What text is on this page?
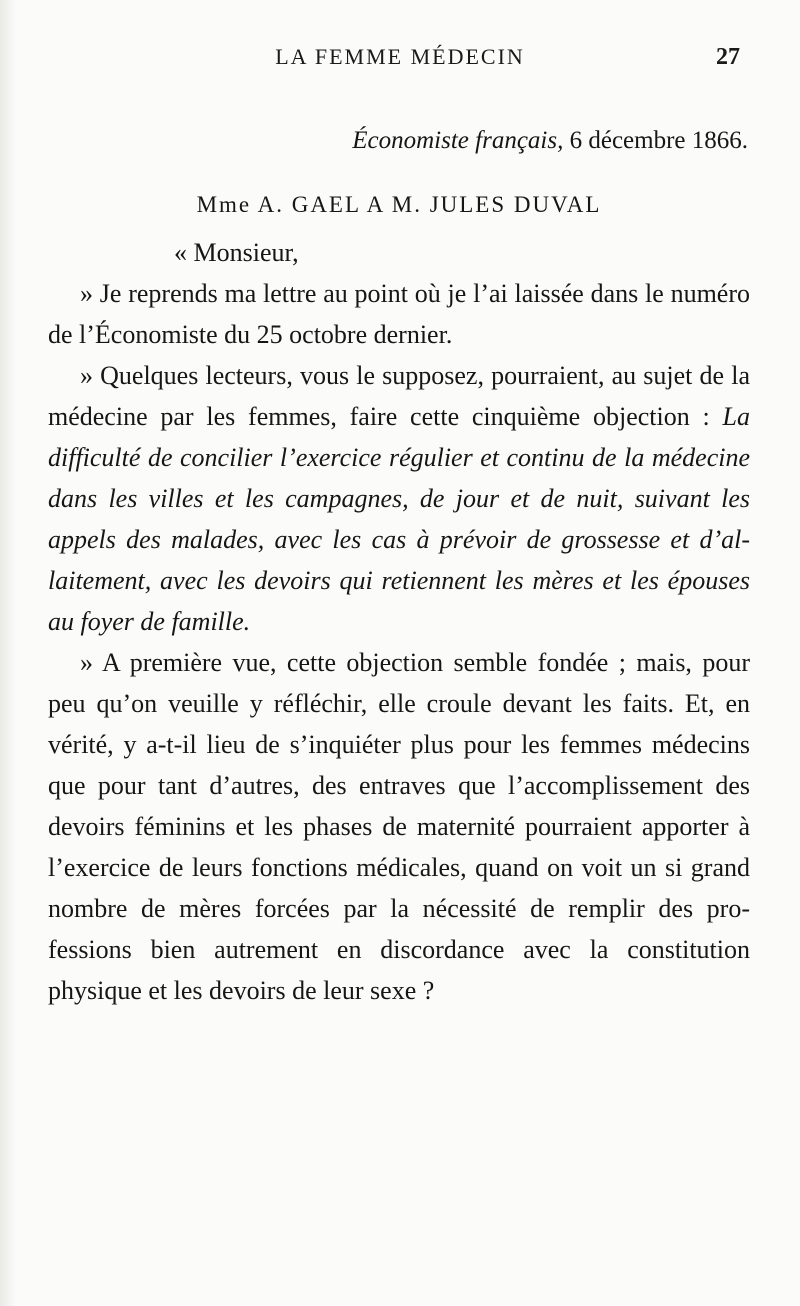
LA FEMME MÉDECIN	27

Économiste français, 6 décembre 1866.

Mme A. GAEL A M. JULES DUVAL

« Monsieur,

» Je reprends ma lettre au point où je l’ai laissée dans le numéro de l’Économiste du 25 octobre dernier.

» Quelques lecteurs, vous le supposez, pourraient, au sujet de la médecine par les femmes, faire cette cinquième objection : La difficulté de concilier l’exercice régulier et continu de la médecine dans les villes et les campagnes, de jour et de nuit, suivant les appels des malades, avec les cas à prévoir de grossesse et d’allaitement, avec les devoirs qui retiennent les mères et les épouses au foyer de famille.

» A première vue, cette objection semble fondée ; mais, pour peu qu’on veuille y réfléchir, elle croule devant les faits. Et, en vérité, y a-t-il lieu de s’inquiéter plus pour les femmes médecins que pour tant d’autres, des entraves que l’accomplissement des devoirs féminins et les phases de maternité pourraient apporter à l’exercice de leurs fonctions médicales, quand on voit un si grand nombre de mères forcées par la nécessité de remplir des professions bien autrement en discordance avec la constitution physique et les devoirs de leur sexe ?
